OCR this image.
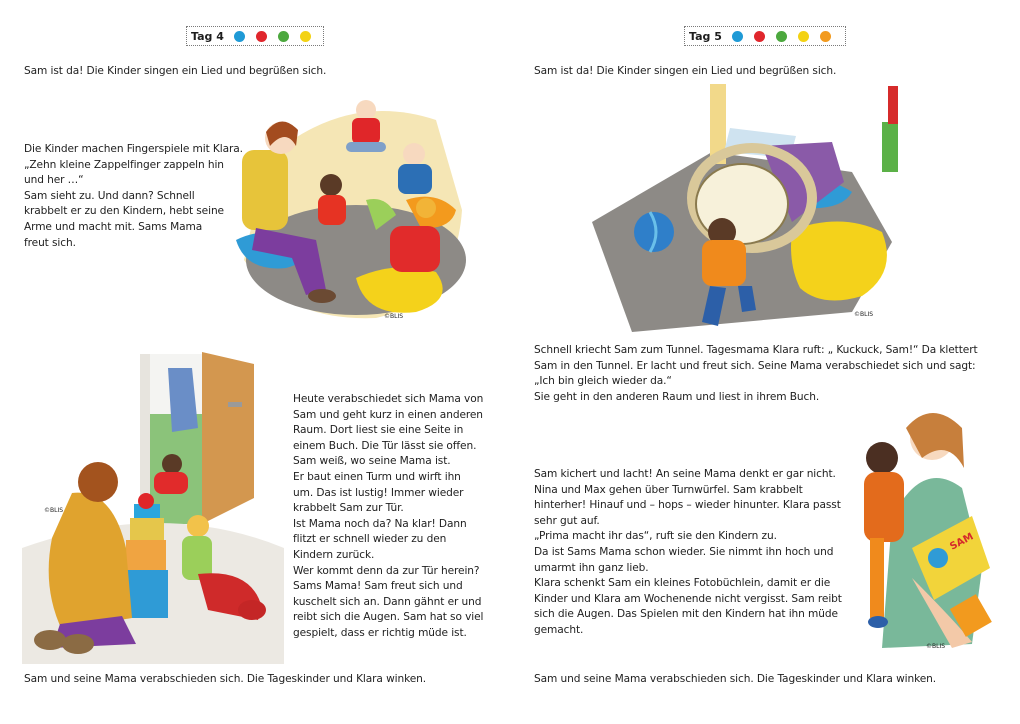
Tag 4

Sam ist da! Die Kinder singen ein Lied und begrüßen sich.

Die Kinder machen Fingerspiele mit Klara.
„Zehn kleine Zappelfinger zappeln hin
und her …“
Sam sieht zu. Und dann? Schnell
krabbelt er zu den Kindern, hebt seine
Arme und macht mit. Sams Mama
freut sich.

©BLIS
©BLIS

Heute verabschiedet sich Mama von
Sam und geht kurz in einen anderen
Raum. Dort liest sie eine Seite in
einem Buch. Die Tür lässt sie offen.
Sam weiß, wo seine Mama ist.
Er baut einen Turm und wirft ihn
um. Das ist lustig! Immer wieder
krabbelt Sam zur Tür.
Ist Mama noch da? Na klar! Dann
flitzt er schnell wieder zu den
Kindern zurück.
Wer kommt denn da zur Tür herein?
Sams Mama! Sam freut sich und
kuschelt sich an. Dann gähnt er und
reibt sich die Augen. Sam hat so viel
gespielt, dass er richtig müde ist.

Sam und seine Mama verabschieden sich. Die Tageskinder und Klara winken.

Tag 5

Sam ist da! Die Kinder singen ein Lied und begrüßen sich.

©BLIS

Schnell kriecht Sam zum Tunnel. Tagesmama Klara ruft: „ Kuckuck, Sam!“ Da klettert
Sam in den Tunnel. Er lacht und freut sich. Seine Mama verabschiedet sich und sagt:
„Ich bin gleich wieder da.“
Sie geht in den anderen Raum und liest in ihrem Buch.

Sam kichert und lacht! An seine Mama denkt er gar nicht.
Nina und Max gehen über Turnwürfel. Sam krabbelt
hinterher! Hinauf und – hops – wieder hinunter. Klara passt
sehr gut auf.
„Prima macht ihr das“, ruft sie den Kindern zu.
Da ist Sams Mama schon wieder. Sie nimmt ihn hoch und
umarmt ihn ganz lieb.
Klara schenkt Sam ein kleines Fotobüchlein, damit er die
Kinder und Klara am Wochenende nicht vergisst. Sam reibt
sich die Augen. Das Spielen mit den Kindern hat ihn müde
gemacht.

SAM
©BLIS

Sam und seine Mama verabschieden sich. Die Tageskinder und Klara winken.
